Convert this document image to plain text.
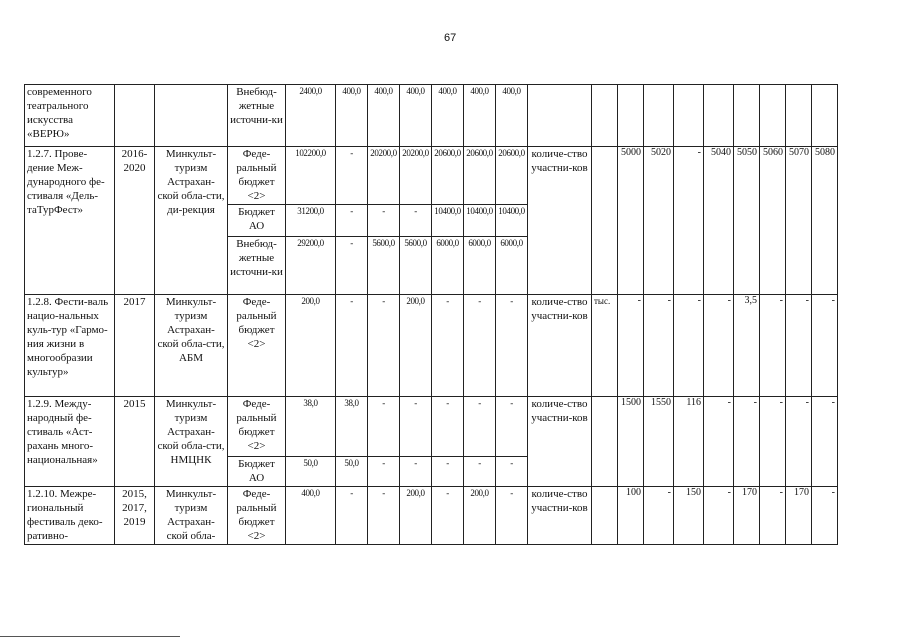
67
современного театрального искусства «ВЕРЮ»			Внебюд-жетные источни-ки	2400,0	400,0	400,0	400,0	400,0	400,0	400,0										
1.2.7. Прове-дение Меж-дународного фе-стиваля «Дель-таТурФест»	2016-2020	Минкульт-туризм Астрахан-ской обла-сти, ди-рекция	Феде-ральный бюджет <2>	102200,0	-	20200,0	20200,0	20600,0	20600,0	20600,0	количе-ство участни-ков		5000	5020	-	5040	5050	5060	5070	5080
			Бюджет АО	31200,0	-	-	-	10400,0	10400,0	10400,0										
			Внебюд-жетные источни-ки	29200,0	-	5600,0	5600,0	6000,0	6000,0	6000,0										
1.2.8. Фести-валь нацио-нальных куль-тур «Гармо-ния жизни в многообразии культур»	2017	Минкульт-туризм Астрахан-ской обла-сти, АБМ	Феде-ральный бюджет <2>	200,0	-	-	200,0	-	-	-	количе-ство участни-ков	тыс.	-	-	-	-	3,5	-	-	-
1.2.9. Между-народный фе-стиваль «Аст-рахань много-национальная»	2015	Минкульт-туризм Астрахан-ской обла-сти, НМЦНК	Феде-ральный бюджет <2>	38,0	38,0	-	-	-	-	-	количе-ство участни-ков		1500	1550	116	-	-	-	-	-
			Бюджет АО	50,0	50,0	-	-	-	-	-										
1.2.10. Межре-гиональный фестиваль деко-ративно-	2015, 2017, 2019	Минкульт-туризм Астрахан-ской обла-	Феде-ральный бюджет <2>	400,0	-	-	200,0	-	200,0	-	количе-ство участни-ков		100	-	150	-	170	-	170	-
